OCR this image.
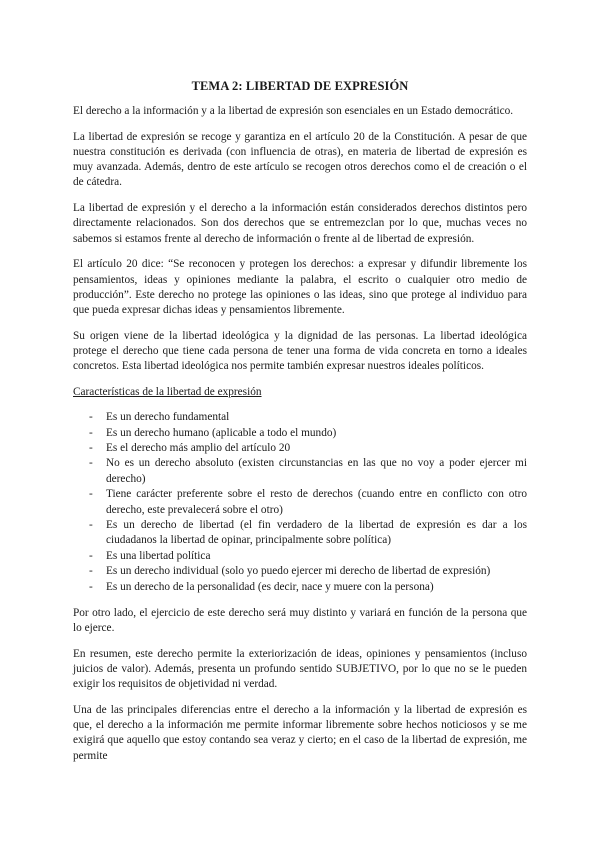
TEMA 2: LIBERTAD DE EXPRESIÓN

El derecho a la información y a la libertad de expresión son esenciales en un Estado democrático.

La libertad de expresión se recoge y garantiza en el artículo 20 de la Constitución. A pesar de que nuestra constitución es derivada (con influencia de otras), en materia de libertad de expresión es muy avanzada. Además, dentro de este artículo se recogen otros derechos como el de creación o el de cátedra.

La libertad de expresión y el derecho a la información están considerados derechos distintos pero directamente relacionados. Son dos derechos que se entremezclan por lo que, muchas veces no sabemos si estamos frente al derecho de información o frente al de libertad de expresión.

El artículo 20 dice: “Se reconocen y protegen los derechos: a expresar y difundir libremente los pensamientos, ideas y opiniones mediante la palabra, el escrito o cualquier otro medio de producción”. Este derecho no protege las opiniones o las ideas, sino que protege al individuo para que pueda expresar dichas ideas y pensamientos libremente.

Su origen viene de la libertad ideológica y la dignidad de las personas. La libertad ideológica protege el derecho que tiene cada persona de tener una forma de vida concreta en torno a ideales concretos. Esta libertad ideológica nos permite también expresar nuestros ideales políticos.

Características de la libertad de expresión

- Es un derecho fundamental
- Es un derecho humano (aplicable a todo el mundo)
- Es el derecho más amplio del artículo 20
- No es un derecho absoluto (existen circunstancias en las que no voy a poder ejercer mi derecho)
- Tiene carácter preferente sobre el resto de derechos (cuando entre en conflicto con otro derecho, este prevalecerá sobre el otro)
- Es un derecho de libertad (el fin verdadero de la libertad de expresión es dar a los ciudadanos la libertad de opinar, principalmente sobre política)
- Es una libertad política
- Es un derecho individual (solo yo puedo ejercer mi derecho de libertad de expresión)
- Es un derecho de la personalidad (es decir, nace y muere con la persona)

Por otro lado, el ejercicio de este derecho será muy distinto y variará en función de la persona que lo ejerce.

En resumen, este derecho permite la exteriorización de ideas, opiniones y pensamientos (incluso juicios de valor). Además, presenta un profundo sentido SUBJETIVO, por lo que no se le pueden exigir los requisitos de objetividad ni verdad.

Una de las principales diferencias entre el derecho a la información y la libertad de expresión es que, el derecho a la información me permite informar libremente sobre hechos noticiosos y se me exigirá que aquello que estoy contando sea veraz y cierto; en el caso de la libertad de expresión, me permite
